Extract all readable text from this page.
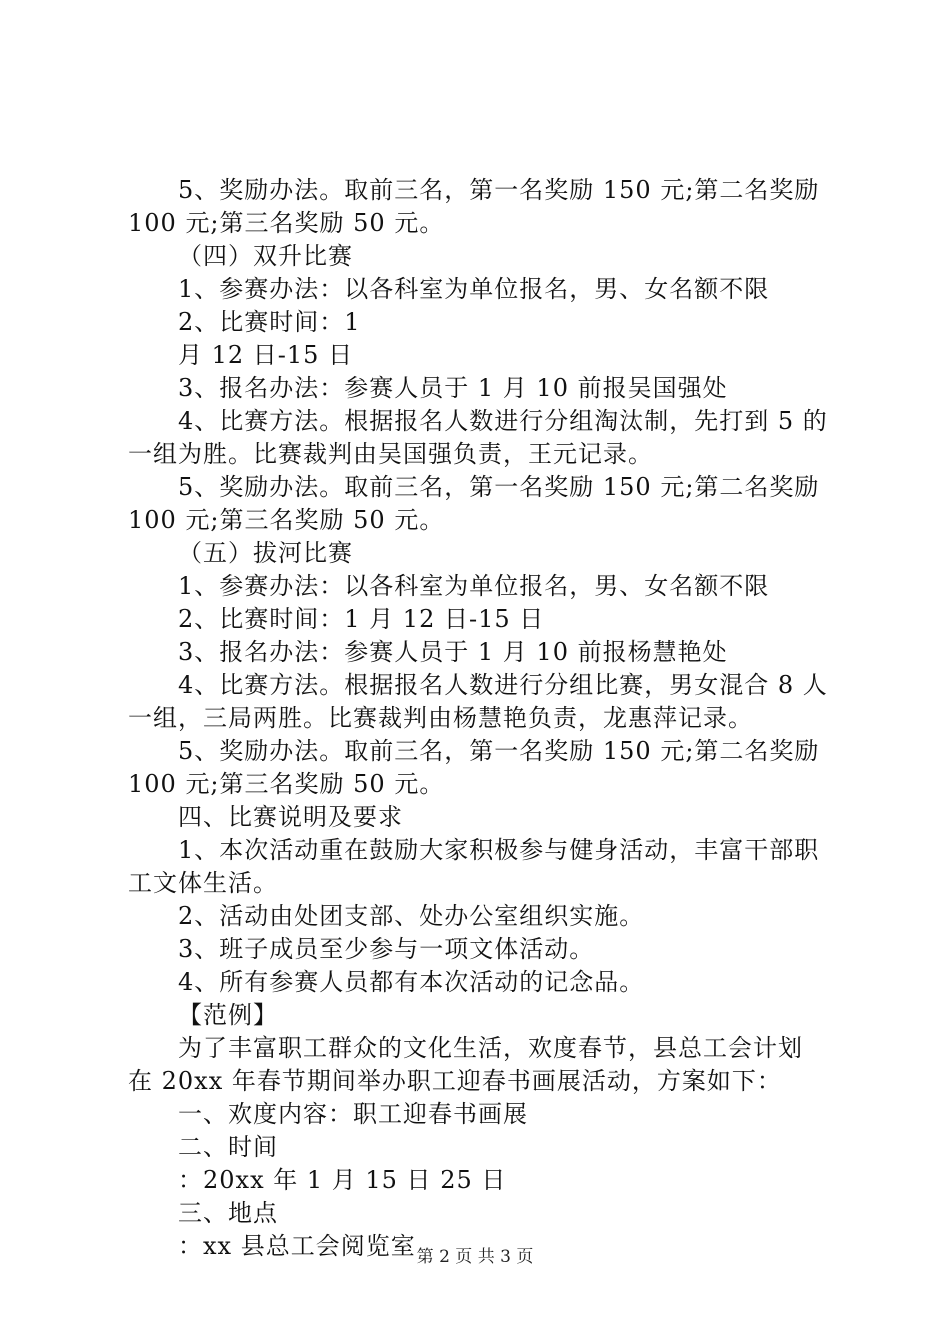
5、奖励办法。取前三名，第一名奖励 150 元;第二名奖励
100 元;第三名奖励 50 元。
（四）双升比赛
1、参赛办法：以各科室为单位报名，男、女名额不限
2、比赛时间：1
月 12 日-15 日
3、报名办法：参赛人员于 1 月 10 前报吴国强处
4、比赛方法。根据报名人数进行分组淘汰制，先打到 5 的
一组为胜。比赛裁判由吴国强负责，王元记录。
5、奖励办法。取前三名，第一名奖励 150 元;第二名奖励
100 元;第三名奖励 50 元。
（五）拔河比赛
1、参赛办法：以各科室为单位报名，男、女名额不限
2、比赛时间：1 月 12 日-15 日
3、报名办法：参赛人员于 1 月 10 前报杨慧艳处
4、比赛方法。根据报名人数进行分组比赛，男女混合 8 人
一组，三局两胜。比赛裁判由杨慧艳负责，龙惠萍记录。
5、奖励办法。取前三名，第一名奖励 150 元;第二名奖励
100 元;第三名奖励 50 元。
四、比赛说明及要求
1、本次活动重在鼓励大家积极参与健身活动，丰富干部职
工文体生活。
2、活动由处团支部、处办公室组织实施。
3、班子成员至少参与一项文体活动。
4、所有参赛人员都有本次活动的记念品。
【范例】
为了丰富职工群众的文化生活，欢度春节，县总工会计划
在 20xx 年春节期间举办职工迎春书画展活动，方案如下：
一、欢度内容：职工迎春书画展
二、时间
：20xx 年 1 月 15 日 25 日
三、地点
：xx 县总工会阅览室 第 2 页 共 3 页
